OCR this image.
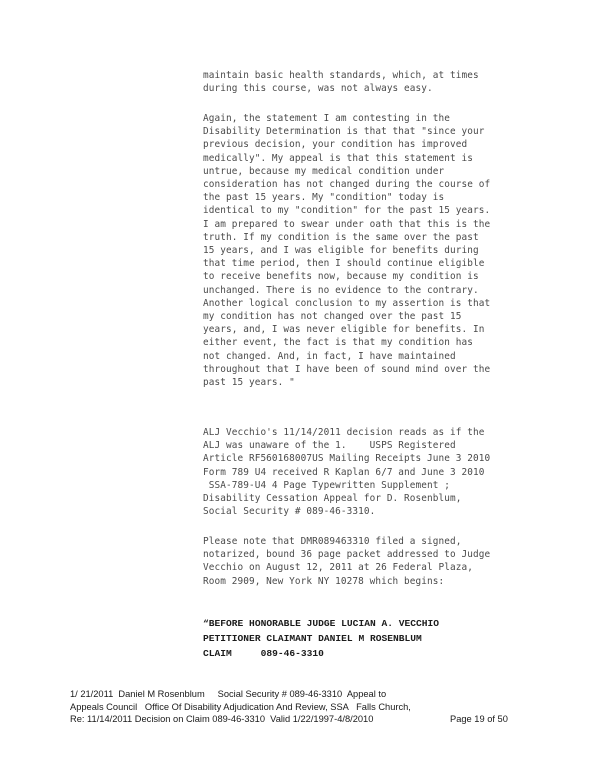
maintain basic health standards, which, at times
during this course, was not always easy.
Again, the statement I am contesting in the
Disability Determination is that that "since your
previous decision, your condition has improved
medically". My appeal is that this statement is
untrue, because my medical condition under
consideration has not changed during the course of
the past 15 years. My "condition" today is
identical to my "condition" for the past 15 years.
I am prepared to swear under oath that this is the
truth. If my condition is the same over the past
15 years, and I was eligible for benefits during
that time period, then I should continue eligible
to receive benefits now, because my condition is
unchanged. There is no evidence to the contrary.
Another logical conclusion to my assertion is that
my condition has not changed over the past 15
years, and, I was never eligible for benefits. In
either event, the fact is that my condition has
not changed. And, in fact, I have maintained
throughout that I have been of sound mind over the
past 15 years. "
ALJ Vecchio's 11/14/2011 decision reads as if the
ALJ was unaware of the 1.    USPS Registered
Article RF560168007US Mailing Receipts June 3 2010
Form 789 U4 received R Kaplan 6/7 and June 3 2010
SSA-789-U4 4 Page Typewritten Supplement ;
Disability Cessation Appeal for D. Rosenblum,
Social Security # 089-46-3310.
Please note that DMR089463310 filed a signed,
notarized, bound 36 page packet addressed to Judge
Vecchio on August 12, 2011 at 26 Federal Plaza,
Room 2909, New York NY 10278 which begins:
“BEFORE HONORABLE JUDGE LUCIAN A. VECCHIO
PETITIONER CLAIMANT DANIEL M ROSENBLUM
CLAIM     089-46-3310
1/ 21/2011  Daniel M Rosenblum     Social Security # 089-46-3310  Appeal to
Appeals Council   Office Of Disability Adjudication And Review, SSA   Falls Church,
Re: 11/14/2011 Decision on Claim 089-46-3310  Valid 1/22/1997-4/8/2010	Page 19 of 50
